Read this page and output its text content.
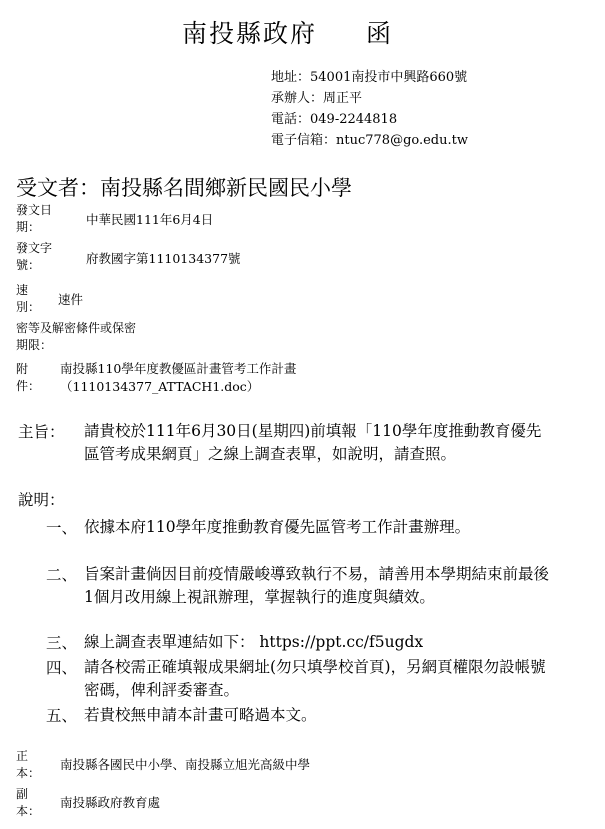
南投縣政府 函
地址：54001南投市中興路660號
承辦人：周正平
電話：049-2244818
電子信箱：ntuc778@go.edu.tw
受文者：南投縣名間鄉新民國民小學
發文日
期：	中華民國111年6月4日
發文字
號：	府教國字第1110134377號
速
別： 速件
密等及解密條件或保密
期限：
附
件：
南投縣110學年度教優區計畫管考工作計畫
（1110134377_ATTACH1.doc）
主旨： 請貴校於111年6月30日(星期四)前填報「110學年度推動教育優先區管考成果網頁」之線上調查表單，如說明，請查照。
說明：
一、 依據本府110學年度推動教育優先區管考工作計畫辦理。
二、 旨案計畫倘因目前疫情嚴峻導致執行不易，請善用本學期結束前最後1個月改用線上視訊辦理，掌握執行的進度與績效。
三、 線上調查表單連結如下： https://ppt.cc/f5ugdx
四、 請各校需正確填報成果網址(勿只填學校首頁)，另網頁權限勿設帳號密碼，俾利評委審查。
五、 若貴校無申請本計畫可略過本文。
正
本：
南投縣各國民中小學、南投縣立旭光高級中學
副
本：
南投縣政府教育處
